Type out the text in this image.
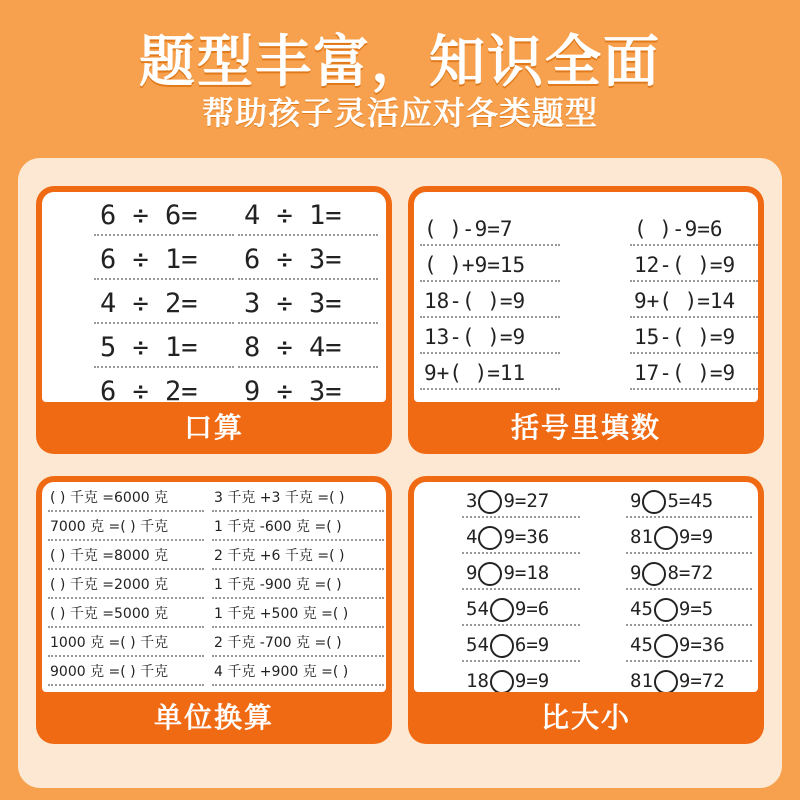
题型丰富，知识全面
帮助孩子灵活应对各类题型
6 ÷ 6=
6 ÷ 1=
4 ÷ 2=
5 ÷ 1=
6 ÷ 2=
4 ÷ 1=
6 ÷ 3=
3 ÷ 3=
8 ÷ 4=
9 ÷ 3=
口算
( )-9=7
( )+9=15
18-( )=9
13-( )=9
9+( )=11
( )-9=6
12-( )=9
9+( )=14
15-( )=9
17-( )=9
括号里填数
( ) 千克 =6000 克
7000 克 =( ) 千克
( ) 千克 =8000 克
( ) 千克 =2000 克
( ) 千克 =5000 克
1000 克 =( ) 千克
9000 克 =( ) 千克
3 千克 +3 千克 =( )
1 千克 -600 克 =( )
2 千克 +6 千克 =( )
1 千克 -900 克 =( )
1 千克 +500 克 =( )
2 千克 -700 克 =( )
4 千克 +900 克 =( )
单位换算
3 9=27
4 9=36
9 9=18
54 9=6
54 6=9
18 9=9
9 5=45
81 9=9
9 8=72
45 9=5
45 9=36
81 9=72
比大小
